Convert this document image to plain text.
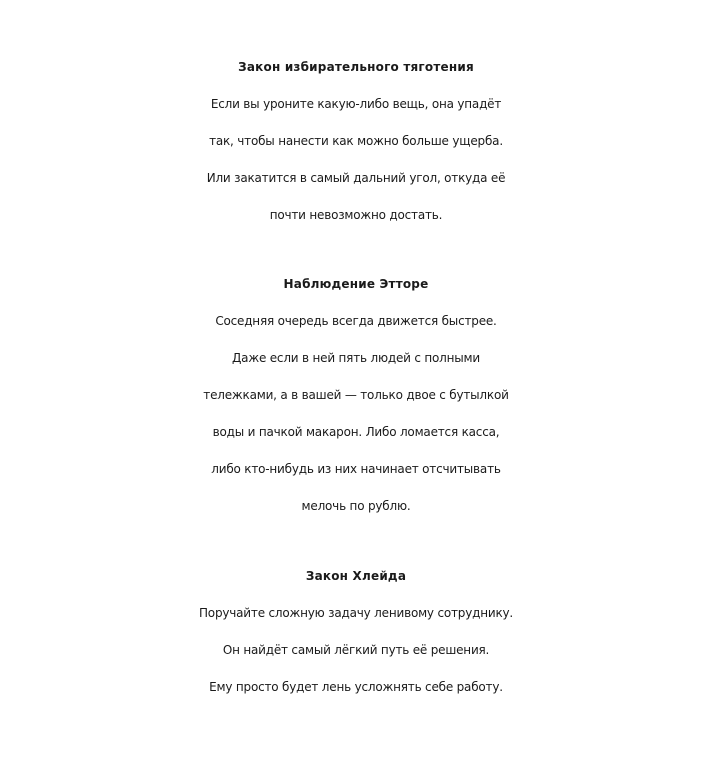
Закон избирательного тяготения
Если вы уроните какую-либо вещь, она упадёт
так, чтобы нанести как можно больше ущерба.
Или закатится в самый дальний угол, откуда её
почти невозможно достать.
Наблюдение Этторе
Соседняя очередь всегда движется быстрее.
Даже если в ней пять людей с полными
тележками, а в вашей — только двое с бутылкой
воды и пачкой макарон. Либо ломается касса,
либо кто-нибудь из них начинает отсчитывать
мелочь по рублю.
Закон Хлейда
Поручайте сложную задачу ленивому сотруднику.
Он найдёт самый лёгкий путь её решения.
Ему просто будет лень усложнять себе работу.
